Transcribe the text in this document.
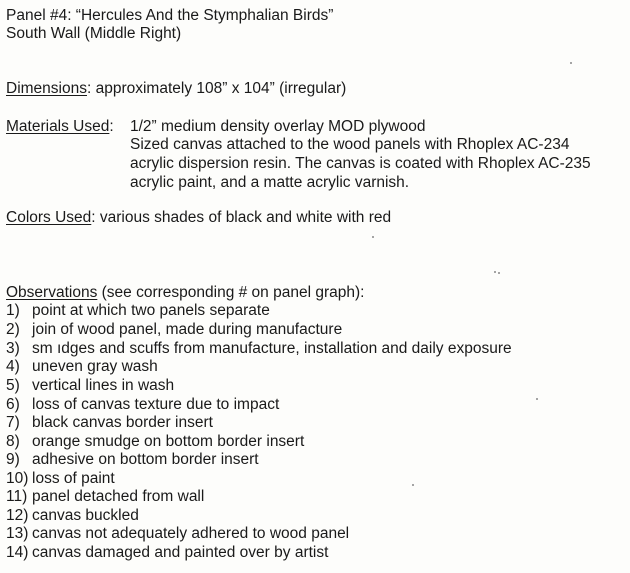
Panel #4: “Hercules And the Stymphalian Birds”
South Wall (Middle Right)
Dimensions: approximately 108” x 104” (irregular)
Materials Used: 1/2” medium density overlay MOD plywood
Sized canvas attached to the wood panels with Rhoplex AC-234
acrylic dispersion resin. The canvas is coated with Rhoplex AC-235
acrylic paint, and a matte acrylic varnish.
Colors Used: various shades of black and white with red
Observations (see corresponding # on panel graph):
1) point at which two panels separate
2) join of wood panel, made during manufacture
3) sm ıdges and scuffs from manufacture, installation and daily exposure
4) uneven gray wash
5) vertical lines in wash
6) loss of canvas texture due to impact
7) black canvas border insert
8) orange smudge on bottom border insert
9) adhesive on bottom border insert
10) loss of paint
11) panel detached from wall
12) canvas buckled
13) canvas not adequately adhered to wood panel
14) canvas damaged and painted over by artist
